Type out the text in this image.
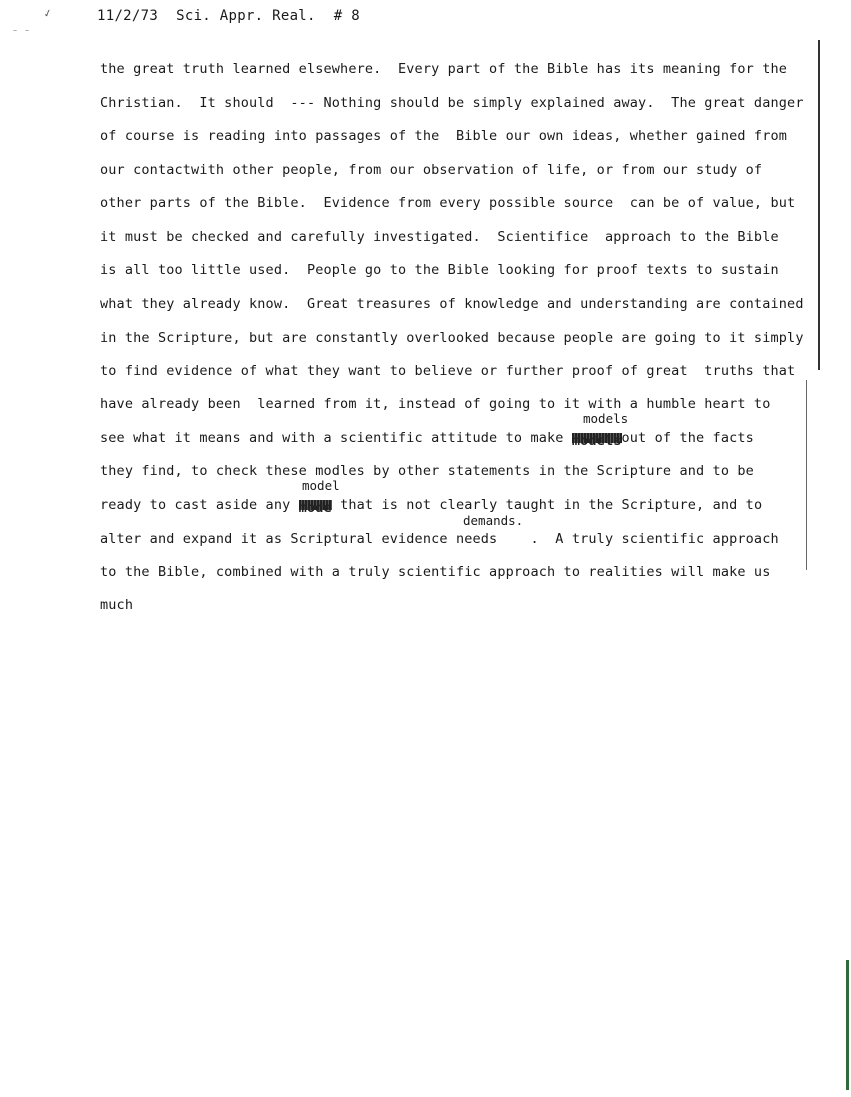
✓
⁻ ⁻
11/2/73 Sci. Appr. Real. # 8
the great truth learned elsewhere.  Every part of the Bible has its meaning for the
Christian.  It should  --- Nothing should be simply explained away.  The great danger
of course is reading into passages of the  Bible our own ideas, whether gained from
our contactwith other people, from our observation of life, or from our study of
other parts of the Bible.  Evidence from every possible source  can be of value, but
it must be checked and carefully investigated.  Scientifice  approach to the Bible
is all too little used.  People go to the Bible looking for proof texts to sustain
what they already know.  Great treasures of knowledge and understanding are contained
in the Scripture, but are constantly overlooked because people are going to it simply
to find evidence of what they want to believe or further proof of great  truths that
have already been  learned from it, instead of going to it with a humble heart to
models
see what it means and with a scientific attitude to make modelsout of the facts
they find, to check these modles by other statements in the Scripture and to be
model
ready to cast aside any mode that is not clearly taught in the Scripture, and to
demands.
alter and expand it as Scriptural evidence needs    .  A truly scientific approach
to the Bible, combined with a truly scientific approach to realities will make us
much
